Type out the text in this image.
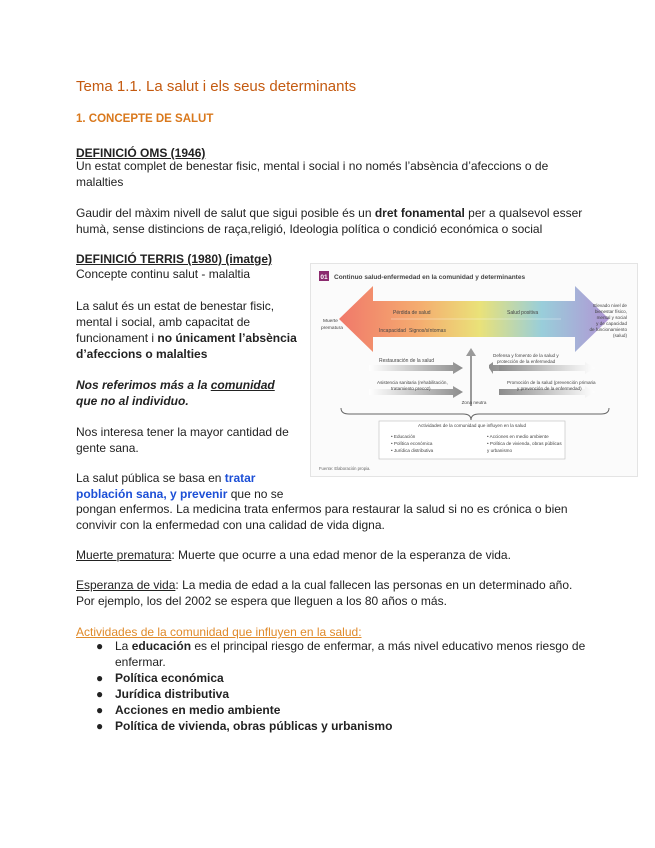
Tema 1.1. La salut i els seus determinants
1. CONCEPTE DE SALUT
DEFINICIÓ OMS (1946)
Un estat complet de benestar fisic, mental i social i no només l’absència d’afeccions o de
malalties
Gaudir del màxim nivell de salut que sigui posible és un dret fonamental per a qualsevol esser
humà, sense distincions de raça,religió, Ideologia política o condició económica o social
DEFINICIÓ TERRIS (1980) (imatge)
Concepte continu salut - malaltia
La salut és un estat de benestar fisic,
mental i social, amb capacitat de
funcionament i no únicament l’absència
d’afeccions o malalties
Nos referimos más a la comunidad
que no al individuo.
Nos interesa tener la mayor cantidad de
gente sana.
La salut pública se basa en tratar
población sana, y prevenir que no se
pongan enfermos. La medicina trata enfermos para restaurar la salud si no es crónica o bien
convivir con la enfermedad con una calidad de vida digna.
Muerte prematura: Muerte que ocurre a una edad menor de la esperanza de vida.
Esperanza de vida: La media de edad a la cual fallecen las personas en un determinado año.
Por ejemplo, los del 2002 se espera que lleguen a los 80 años o más.
Actividades de la comunidad que influyen en la salud:
● La educación es el principal riesgo de enfermar, a más nivel educativo menos riesgo de
enfermar.
● Política económica
● Jurídica distributiva
● Acciones en medio ambiente
● Política de vivienda, obras públicas y urbanismo
01 Continuo salud-enfermedad en la comunidad y determinantes
Pérdida de salud
Incapacidad Signos/síntomas
Salud positiva
Muerte
prematura
Elevado nivel de
bienestar físico,
mental y social
y de capacidad
de funcionamiento
(salud)
Restauración de la salud
Asistencia sanitaria (rehabilitación,
tratamiento precoz)
Defensa y fomento de la salud y
protección de la enfermedad
Promoción de la salud (prevención primaria
y prevención de la enfermedad)
Zona neutra
Actividades de la comunidad que influyen en la salud
• Educación
• Política económica
• Jurídica distributiva
• Acciones en medio ambiente
• Política de vivienda, obras públicas
y urbanismo
Fuente: Elaboración propia.
